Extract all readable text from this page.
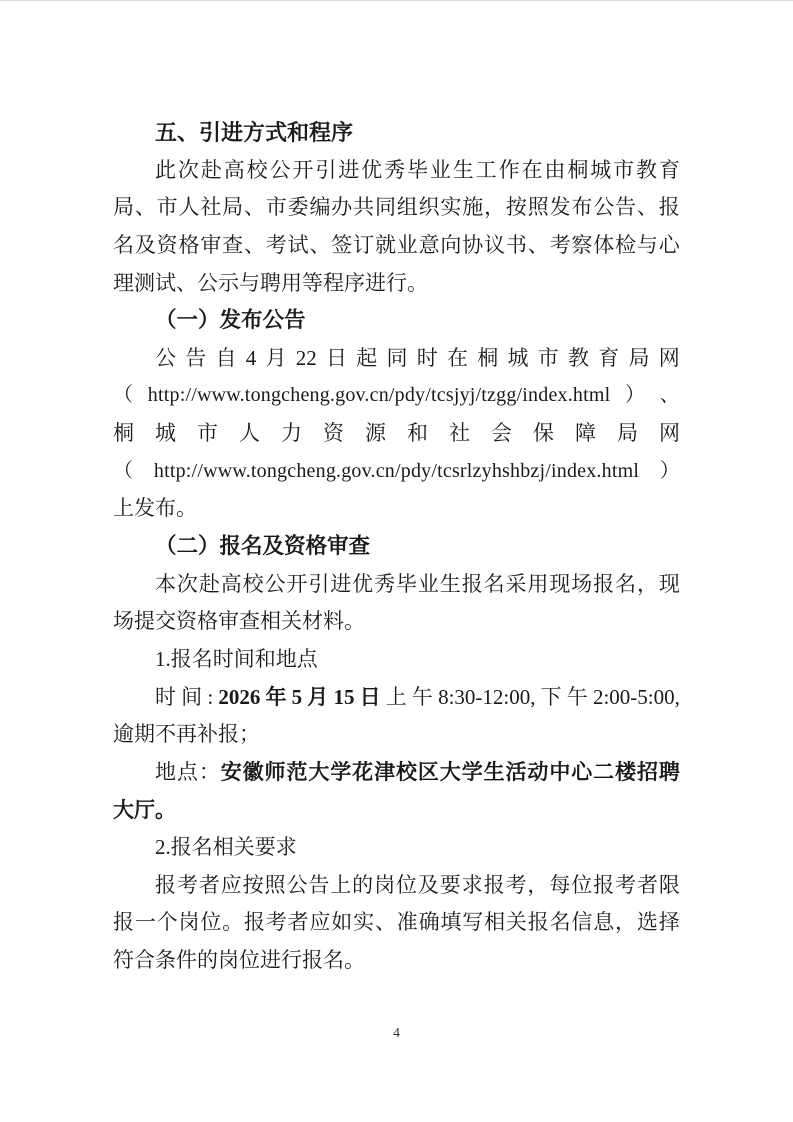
五、引进方式和程序
此 次 赴 高 校 公 开 引 进 优 秀 毕 业 生 工 作 在 由 桐 城 市 教 育
局 、 市 人 社 局 、 市 委 编 办 共 同 组 织 实 施 ， 按 照 发 布 公 告 、 报
名 及 资 格 审 查 、 考 试 、 签 订 就 业 意 向 协 议 书 、 考 察 体 检 与 心
理测试、公示与聘用等程序进行。
（一）发布公告
公 告 自 4 月 22 日 起 同 时 在 桐 城 市 教 育 局 网
（ http://www.tongcheng.gov.cn/pdy/tcsjyj/tzgg/index.html ） 、
桐 城 市 人 力 资 源 和 社 会 保 障 局 网
（ http://www.tongcheng.gov.cn/pdy/tcsrlzyhshbzj/index.html ）
上发布。
（二）报名及资格审查
本 次 赴 高 校 公 开 引 进 优 秀 毕 业 生 报 名 采 用 现 场 报 名 ， 现
场提交资格审查相关材料。
1.报名时间和地点
时 间 : 2026 年 5 月 15 日 上 午 8:30-12:00, 下 午 2:00-5:00,
逾期不再补报；
地 点 ： 安 徽 师 范 大 学 花 津 校 区 大 学 生 活 动 中 心 二 楼 招 聘
大厅。
2.报名相关要求
报 考 者 应 按 照 公 告 上 的 岗 位 及 要 求 报 考 ， 每 位 报 考 者 限
报 一 个 岗 位 。 报 考 者 应 如 实 、 准 确 填 写 相 关 报 名 信 息 ， 选 择
符合条件的岗位进行报名。
4
